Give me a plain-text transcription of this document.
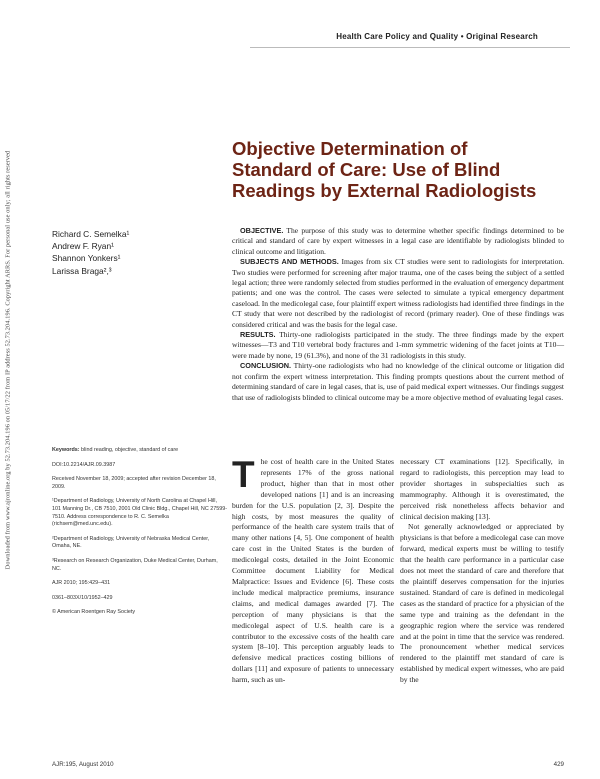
Health Care Policy and Quality • Original Research
Downloaded from www.ajronline.org by 52.73.204.196 on 05/17/22 from IP address 52.73.204.196. Copyright ARRS. For personal use only; all rights reserved
Objective Determination of
Standard of Care: Use of Blind
Readings by External Radiologists
Richard C. Semelka¹
Andrew F. Ryan¹
Shannon Yonkers¹
Larissa Braga²,³

OBJECTIVE. The purpose of this study was to determine whether specific findings determined to be critical and standard of care by expert witnesses in a legal case are identifiable by radiologists blinded to clinical outcome and litigation.

SUBJECTS AND METHODS. Images from six CT studies were sent to radiologists for interpretation. Two studies were performed for screening after major trauma, one of the cases being the subject of a settled legal action; three were randomly selected from studies performed in the evaluation of emergency department patients; and one was the control. The cases were selected to simulate a typical emergency department caseload. In the medicolegal case, four plaintiff expert witness radiologists had identified three findings in the CT study that were not described by the radiologist of record (primary reader). One of these findings was considered critical and was the basis for the legal case.

RESULTS. Thirty-one radiologists participated in the study. The three findings made by the expert witnesses—T3 and T10 vertebral body fractures and 1-mm symmetric widening of the facet joints at T10—were made by none, 19 (61.3%), and none of the 31 radiologists in this study.

CONCLUSION. Thirty-one radiologists who had no knowledge of the clinical outcome or litigation did not confirm the expert witness interpretation. This finding prompts questions about the current method of determining standard of care in legal cases, that is, use of paid medical expert witnesses. Our findings suggest that use of radiologists blinded to clinical outcome may be a more objective method of evaluating legal cases.

Keywords: blind reading, objective, standard of care

DOI:10.2214/AJR.09.3987

Received November 18, 2009; accepted after revision December 18, 2009.

¹Department of Radiology, University of North Carolina at Chapel Hill, 101 Manning Dr., CB 7510, 2001 Old Clinic Bldg., Chapel Hill, NC 27599-7510. Address correspondence to R. C. Semelka (richsem@med.unc.edu).

²Department of Radiology, University of Nebraska Medical Center, Omaha, NE.

³Research on Research Organization, Duke Medical Center, Durham, NC.

AJR 2010; 195:429–431

0361–803X/10/1952–429

© American Roentgen Ray Society

The cost of health care in the United States represents 17% of the gross national product, higher than that in most other developed nations [1] and is an increasing burden for the U.S. population [2, 3]. Despite the high costs, by most measures the quality of performance of the health care system trails that of many other nations [4, 5]. One component of health care cost in the United States is the burden of medicolegal costs, detailed in the Joint Economic Committee document Liability for Medical Malpractice: Issues and Evidence [6]. These costs include medical malpractice premiums, insurance claims, and medical damages awarded [7]. The perception of many physicians is that the medicolegal aspect of U.S. health care is a contributor to the excessive costs of the health care system [8–10]. This perception arguably leads to defensive medical practices costing billions of dollars [11] and exposure of patients to unnecessary harm, such as un-

necessary CT examinations [12]. Specifically, in regard to radiologists, this perception may lead to provider shortages in subspecialties such as mammography. Although it is overestimated, the perceived risk nonetheless affects behavior and clinical decision making [13].

Not generally acknowledged or appreciated by physicians is that before a medicolegal case can move forward, medical experts must be willing to testify that the health care performance in a particular case does not meet the standard of care and therefore that the plaintiff deserves compensation for the injuries sustained. Standard of care is defined in medicolegal cases as the standard of practice for a physician of the same type and training as the defendant in the geographic region where the service was rendered and at the point in time that the service was rendered. The pronouncement whether medical services rendered to the plaintiff met standard of care is established by medical expert witnesses, who are paid by the

AJR:195, August 2010	429
